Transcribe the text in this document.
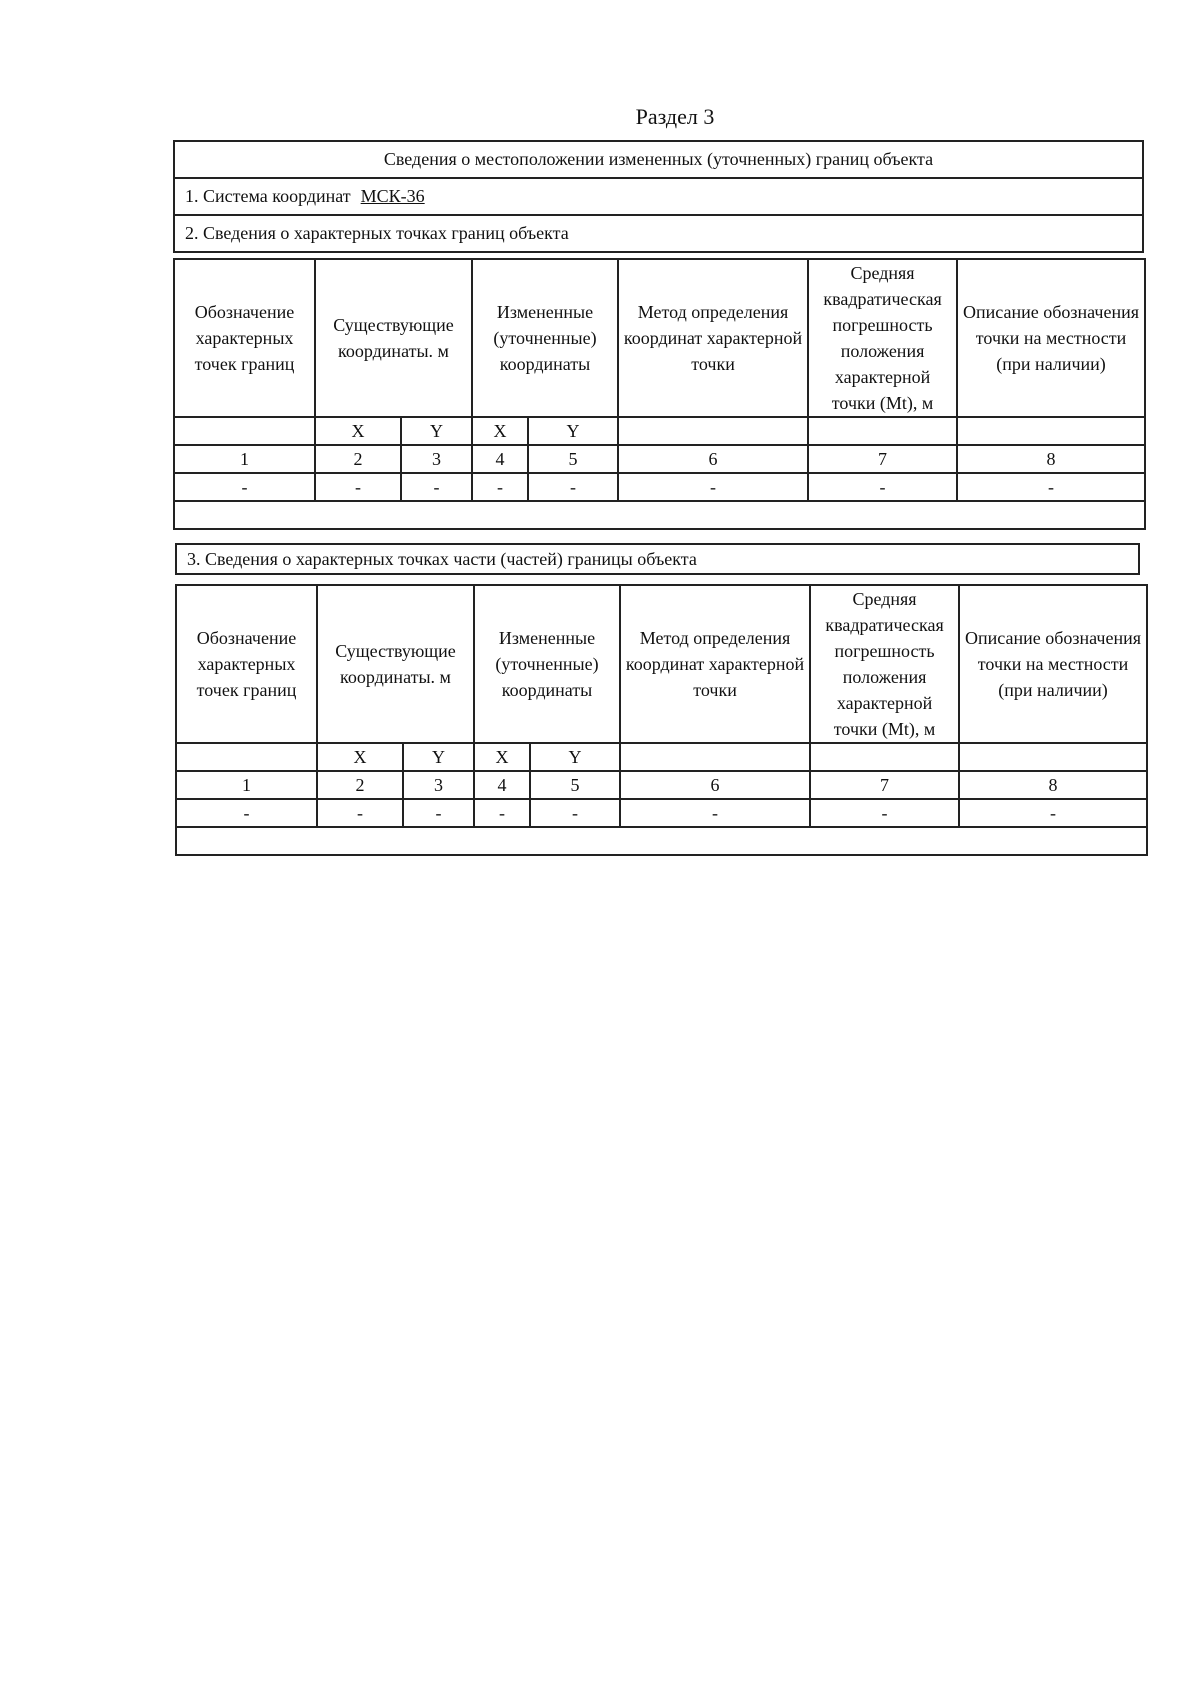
Раздел 3
Сведения о местоположении измененных (уточненных) границ объекта
1. Система координат МСК-36
2. Сведения о характерных точках границ объекта
Обозначение характерных точек границ	Существующие координаты. м		Измененные (уточненные) координаты		Метод определения координат характерной точки	Средняя квадратическая погрешность положения характерной точки (Mt), м	Описание обозначения точки на местности (при наличии)
	X	Y	X	Y			
1	2	3	4	5	6	7	8
-	-	-	-	-	-	-	-

3. Сведения о характерных точках части (частей) границы объекта
Обозначение характерных точек границ	Существующие координаты. м		Измененные (уточненные) координаты		Метод определения координат характерной точки	Средняя квадратическая погрешность положения характерной точки (Mt), м	Описание обозначения точки на местности (при наличии)
	X	Y	X	Y			
1	2	3	4	5	6	7	8
-	-	-	-	-	-	-	-
